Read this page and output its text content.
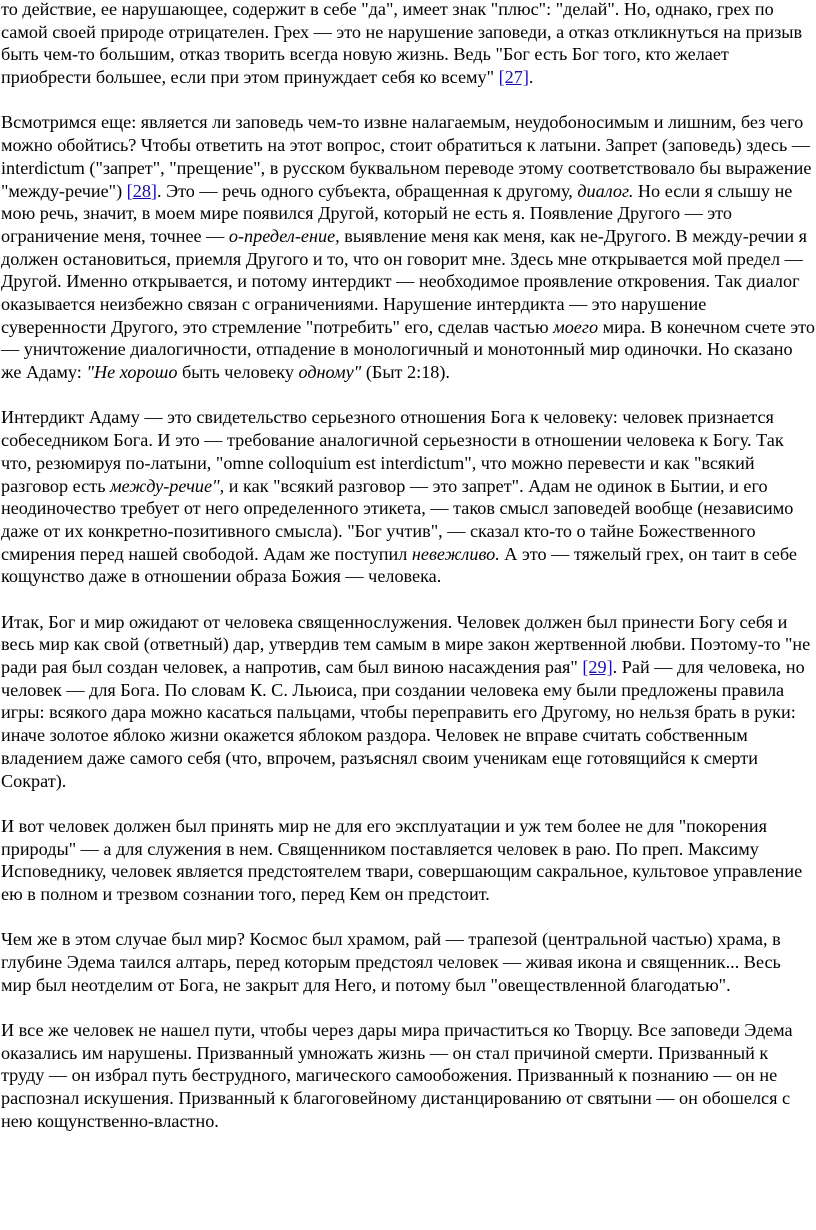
то действие, ее нарушающее, содержит в себе "да", имеет знак "плюс": "делай". Но, однако, грех по самой своей природе отрицателен. Грех — это не нарушение заповеди, а отказ откликнуться на призыв быть чем-то большим, отказ творить всегда новую жизнь. Ведь "Бог есть Бог того, кто желает приобрести большее, если при этом принуждает себя ко всему" [27].

Всмотримся еще: является ли заповедь чем-то извне налагаемым, неудобоносимым и лишним, без чего можно обойтись? Чтобы ответить на этот вопрос, стоит обратиться к латыни. Запрет (заповедь) здесь — interdictum ("запрет", "прещение", в русском буквальном переводе этому соответствовало бы выражение "между-речие") [28]. Это — речь одного субъекта, обращенная к другому, диалог. Но если я слышу не мою речь, значит, в моем мире появился Другой, который не есть я. Появление Другого — это ограничение меня, точнее — о-предел-ение, выявление меня как меня, как не-Другого. В между-речии я должен остановиться, приемля Другого и то, что он говорит мне. Здесь мне открывается мой предел — Другой. Именно открывается, и потому интердикт — необходимое проявление откровения. Так диалог оказывается неизбежно связан с ограничениями. Нарушение интердикта — это нарушение суверенности Другого, это стремление "потребить" его, сделав частью моего мира. В конечном счете это — уничтожение диалогичности, отпадение в монологичный и монотонный мир одиночки. Но сказано же Адаму: "Не хорошо быть человеку одному" (Быт 2:18).

Интердикт Адаму — это свидетельство серьезного отношения Бога к человеку: человек признается собеседником Бога. И это — требование аналогичной серьезности в отношении человека к Богу. Так что, резюмируя по-латыни, "omne colloquium est interdictum", что можно перевести и как "всякий разговор есть между-речие", и как "всякий разговор — это запрет". Адам не одинок в Бытии, и его неодиночество требует от него определенного этикета, — таков смысл заповедей вообще (независимо даже от их конкретно-позитивного смысла). "Бог учтив", — сказал кто-то о тайне Божественного смирения перед нашей свободой. Адам же поступил невежливо. А это — тяжелый грех, он таит в себе кощунство даже в отношении образа Божия — человека.

Итак, Бог и мир ожидают от человека священнослужения. Человек должен был принести Богу себя и весь мир как свой (ответный) дар, утвердив тем самым в мире закон жертвенной любви. Поэтому-то "не ради рая был создан человек, а напротив, сам был виною насаждения рая" [29]. Рай — для человека, но человек — для Бога. По словам К. С. Льюиса, при создании человека ему были предложены правила игры: всякого дара можно касаться пальцами, чтобы переправить его Другому, но нельзя брать в руки: иначе золотое яблоко жизни окажется яблоком раздора. Человек не вправе считать собственным владением даже самого себя (что, впрочем, разъяснял своим ученикам еще готовящийся к смерти Сократ).

И вот человек должен был принять мир не для его эксплуатации и уж тем более не для "покорения природы" — а для служения в нем. Священником поставляется человек в раю. По преп. Максиму Исповеднику, человек является предстоятелем твари, совершающим сакральное, культовое управление ею в полном и трезвом сознании того, перед Кем он предстоит.

Чем же в этом случае был мир? Космос был храмом, рай — трапезой (центральной частью) храма, в глубине Эдема таился алтарь, перед которым предстоял человек — живая икона и священник... Весь мир был неотделим от Бога, не закрыт для Него, и потому был "овеществленной благодатью".

И все же человек не нашел пути, чтобы через дары мира причаститься ко Творцу. Все заповеди Эдема оказались им нарушены. Призванный умножать жизнь — он стал причиной смерти. Призванный к труду — он избрал путь беструдного, магического самообожения. Призванный к познанию — он не распознал искушения. Призванный к благоговейному дистанцированию от святыни — он обошелся с нею кощунственно-властно.
